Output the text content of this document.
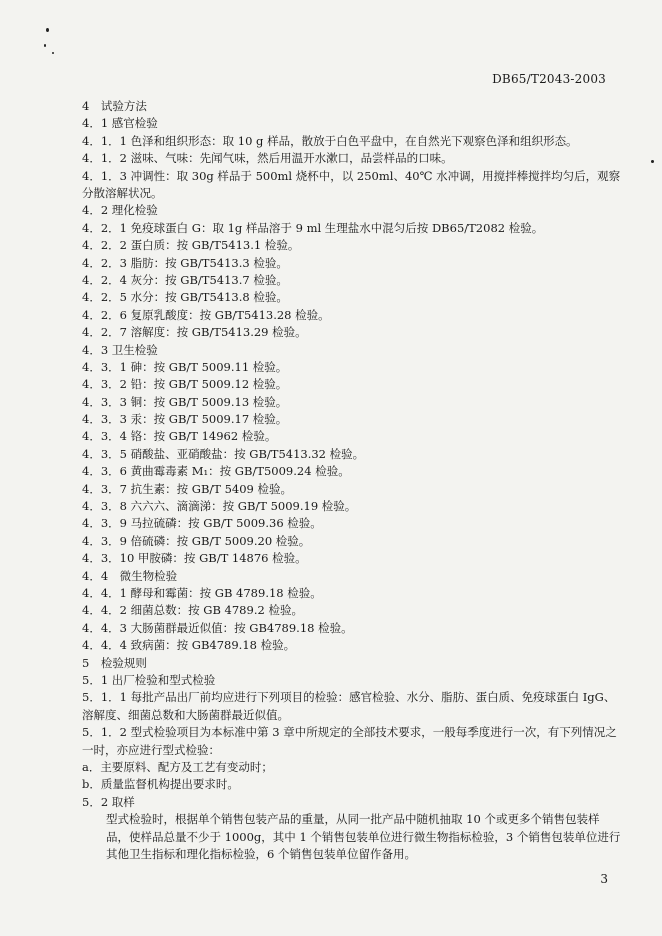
DB65/T2043-2003
4　试验方法
4．1 感官检验
4．1．1 色泽和组织形态：取 10 g 样品，散放于白色平盘中，在自然光下观察色泽和组织形态。
4．1．2 滋味、气味：先闻气味，然后用温开水漱口，品尝样品的口味。
4．1．3 冲调性：取 30g 样品于 500ml 烧杯中，以 250ml、40℃ 水冲调，用搅拌棒搅拌均匀后，观察分散溶解状况。
4．2 理化检验
4．2．1 免疫球蛋白 G：取 1g 样品溶于 9 ml 生理盐水中混匀后按 DB65/T2082 检验。
4．2．2 蛋白质：按 GB/T5413.1 检验。
4．2．3 脂肪：按 GB/T5413.3 检验。
4．2．4 灰分：按 GB/T5413.7 检验。
4．2．5 水分：按 GB/T5413.8 检验。
4．2．6 复原乳酸度：按 GB/T5413.28 检验。
4．2．7 溶解度：按 GB/T5413.29 检验。
4．3 卫生检验
4．3．1 砷：按 GB/T 5009.11 检验。
4．3．2 铅：按 GB/T 5009.12 检验。
4．3．3 铜：按 GB/T 5009.13 检验。
4．3．3 汞：按 GB/T 5009.17 检验。
4．3．4 铬：按 GB/T 14962 检验。
4．3．5 硝酸盐、亚硝酸盐：按 GB/T5413.32 检验。
4．3．6 黄曲霉毒素 M₁：按 GB/T5009.24 检验。
4．3．7 抗生素：按 GB/T 5409 检验。
4．3．8 六六六、滴滴涕：按 GB/T 5009.19 检验。
4．3．9 马拉硫磷：按 GB/T 5009.36 检验。
4．3．9 倍硫磷：按 GB/T 5009.20 检验。
4．3．10 甲胺磷：按 GB/T 14876 检验。
4．4　微生物检验
4．4．1 酵母和霉菌：按 GB 4789.18 检验。
4．4．2 细菌总数：按 GB 4789.2 检验。
4．4．3 大肠菌群最近似值：按 GB4789.18 检验。
4．4．4 致病菌：按 GB4789.18 检验。
5　检验规则
5．1 出厂检验和型式检验
5．1．1 每批产品出厂前均应进行下列项目的检验：感官检验、水分、脂肪、蛋白质、免疫球蛋白 IgG、溶解度、细菌总数和大肠菌群最近似值。
5．1．2 型式检验项目为本标准中第 3 章中所规定的全部技术要求，一般每季度进行一次，有下列情况之一时，亦应进行型式检验：
a．主要原料、配方及工艺有变动时；
b．质量监督机构提出要求时。
5．2 取样
型式检验时，根据单个销售包装产品的重量，从同一批产品中随机抽取 10 个或更多个销售包装样品，使样品总量不少于 1000g，其中 1 个销售包装单位进行微生物指标检验，3 个销售包装单位进行其他卫生指标和理化指标检验，6 个销售包装单位留作备用。
3
